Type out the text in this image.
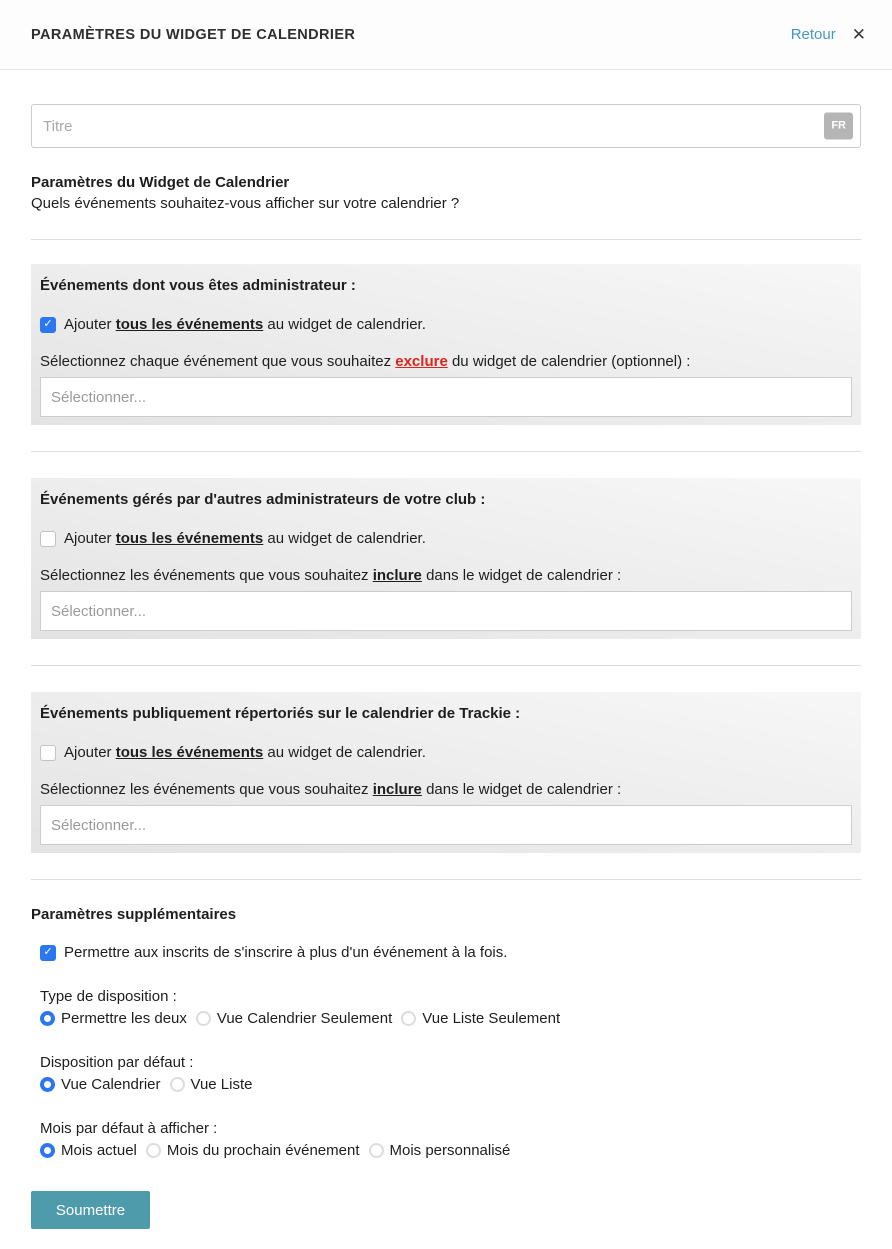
PARAMÈTRES DU WIDGET DE CALENDRIER	Retour ✕
Titre
FR
Paramètres du Widget de Calendrier
Quels événements souhaitez-vous afficher sur votre calendrier ?
Événements dont vous êtes administrateur :
✓ Ajouter tous les événements au widget de calendrier.
Sélectionnez chaque événement que vous souhaitez exclure du widget de calendrier (optionnel) :
Sélectionner...
Événements gérés par d'autres administrateurs de votre club :
Ajouter tous les événements au widget de calendrier.
Sélectionnez les événements que vous souhaitez inclure dans le widget de calendrier :
Sélectionner...
Événements publiquement répertoriés sur le calendrier de Trackie :
Ajouter tous les événements au widget de calendrier.
Sélectionnez les événements que vous souhaitez inclure dans le widget de calendrier :
Sélectionner...
Paramètres supplémentaires
✓ Permettre aux inscrits de s'inscrire à plus d'un événement à la fois.
Type de disposition :
Permettre les deux Vue Calendrier Seulement Vue Liste Seulement
Disposition par défaut :
Vue Calendrier Vue Liste
Mois par défaut à afficher :
Mois actuel Mois du prochain événement Mois personnalisé
Soumettre
